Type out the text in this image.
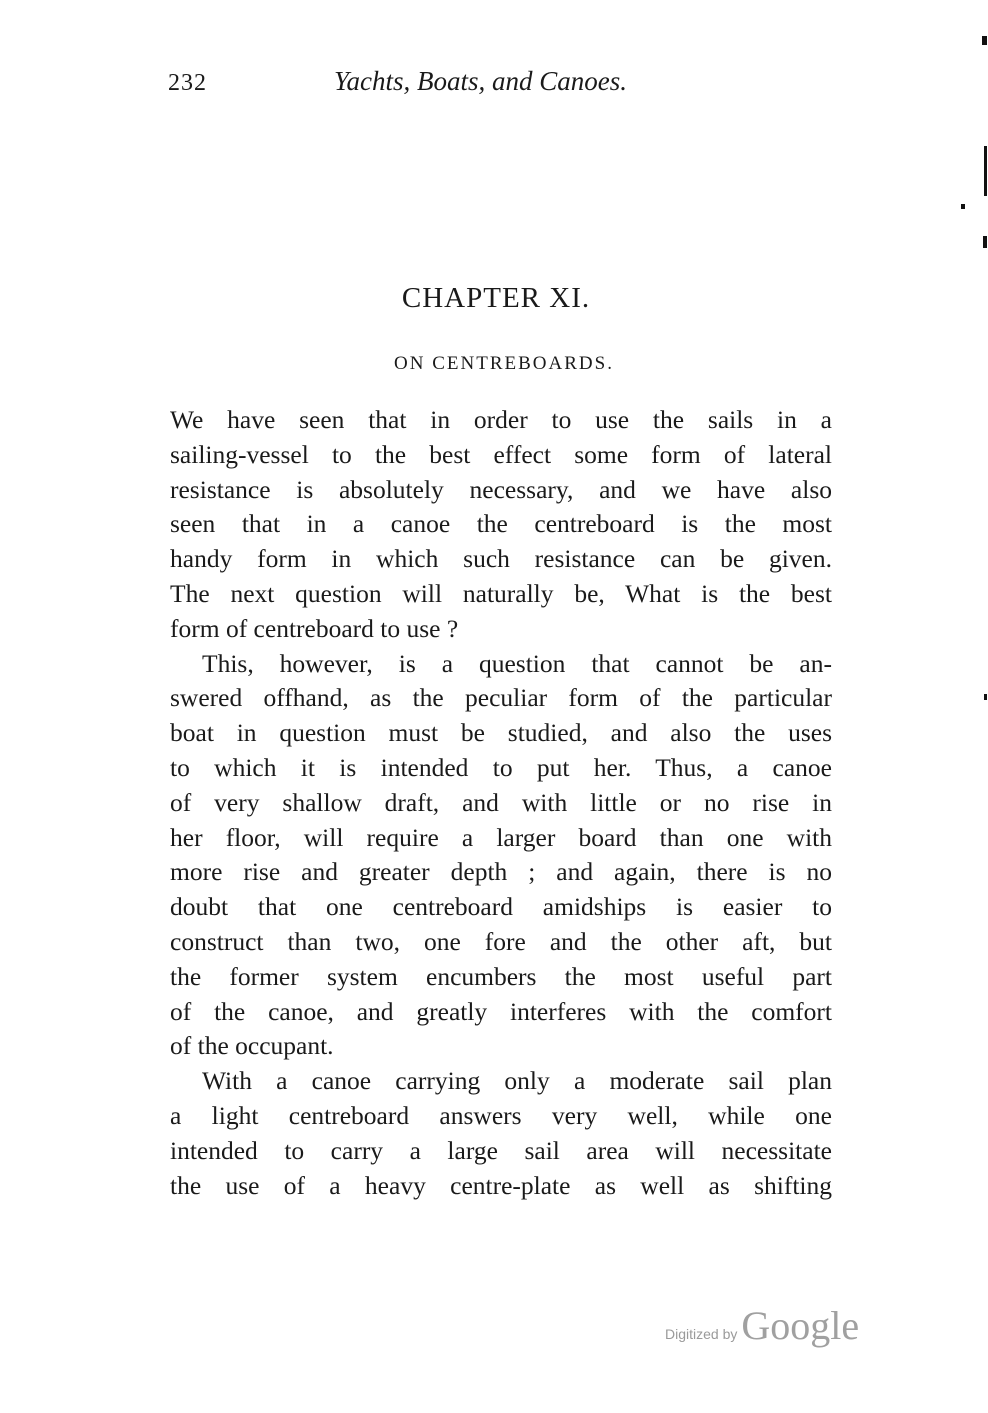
232	Yachts, Boats, and Canoes.
CHAPTER XI.
ON CENTREBOARDS.
We have seen that in order to use the sails in a
sailing-vessel to the best effect some form of lateral
resistance is absolutely necessary, and we have also
seen that in a canoe the centreboard is the most
handy form in which such resistance can be given.
The next question will naturally be, What is the best
form of centreboard to use ?
This, however, is a question that cannot be an-
swered offhand, as the peculiar form of the particular
boat in question must be studied, and also the uses
to which it is intended to put her. Thus, a canoe
of very shallow draft, and with little or no rise in
her floor, will require a larger board than one with
more rise and greater depth ; and again, there is no
doubt that one centreboard amidships is easier to
construct than two, one fore and the other aft, but
the former system encumbers the most useful part
of the canoe, and greatly interferes with the comfort
of the occupant.
With a canoe carrying only a moderate sail plan
a light centreboard answers very well, while one
intended to carry a large sail area will necessitate
the use of a heavy centre-plate as well as shifting
Digitized by Google
